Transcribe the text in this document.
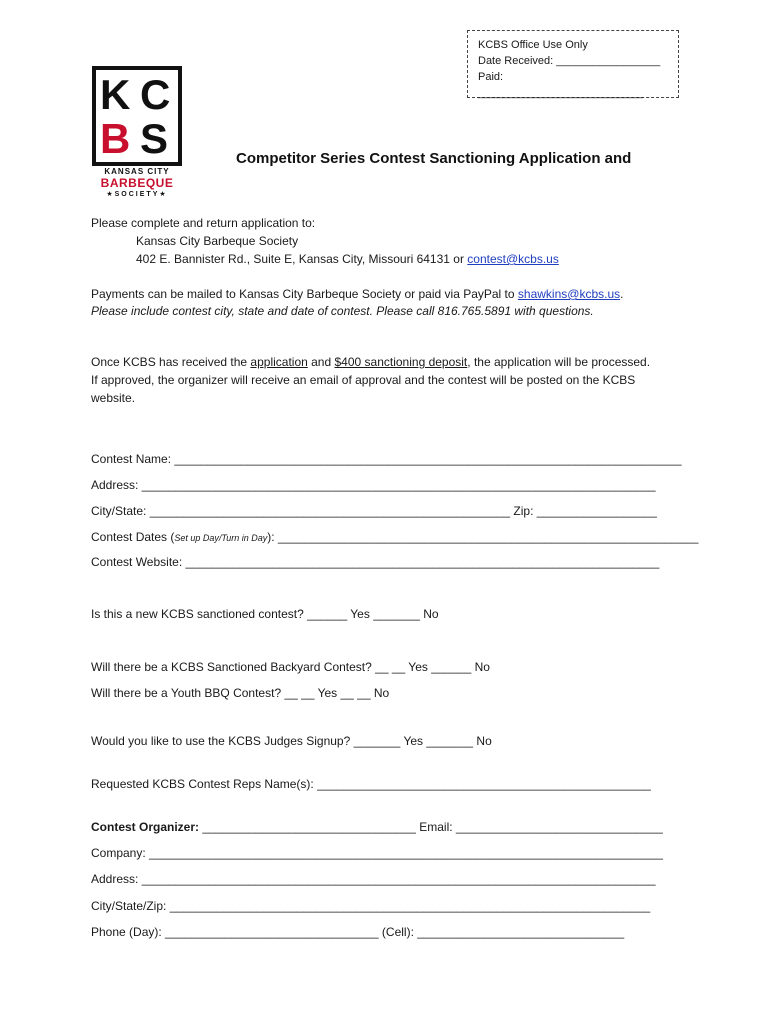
KCBS Office Use Only
Date Received: _________________
Paid: ___________________________
K C
B S
KANSAS CITY
BARBEQUE
★SOCIETY★
Competitor Series Contest Sanctioning Application and
Please complete and return application to:
Kansas City Barbeque Society
402 E. Bannister Rd., Suite E, Kansas City, Missouri 64131 or contest@kcbs.us
Payments can be mailed to Kansas City Barbeque Society or paid via PayPal to shawkins@kcbs.us.
Please include contest city, state and date of contest. Please call 816.765.5891 with questions.
Once KCBS has received the application and $400 sanctioning deposit, the application will be processed.
If approved, the organizer will receive an email of approval and the contest will be posted on the KCBS
website.
Contest Name: ____________________________________________________________________________
Address: _____________________________________________________________________________
City/State: ______________________________________________________ Zip: __________________
Contest Dates (Set up Day/Turn in Day): _______________________________________________________________
Contest Website: _______________________________________________________________________
Is this a new KCBS sanctioned contest? ______ Yes _______ No
Will there be a KCBS Sanctioned Backyard Contest? __ __ Yes ______ No
Will there be a Youth BBQ Contest? __ __ Yes __ __ No
Would you like to use the KCBS Judges Signup? _______ Yes _______ No
Requested KCBS Contest Reps Name(s): __________________________________________________
Contest Organizer: ________________________________ Email: _______________________________
Company: _____________________________________________________________________________
Address: _____________________________________________________________________________
City/State/Zip: ________________________________________________________________________
Phone (Day): ________________________________ (Cell): _______________________________
